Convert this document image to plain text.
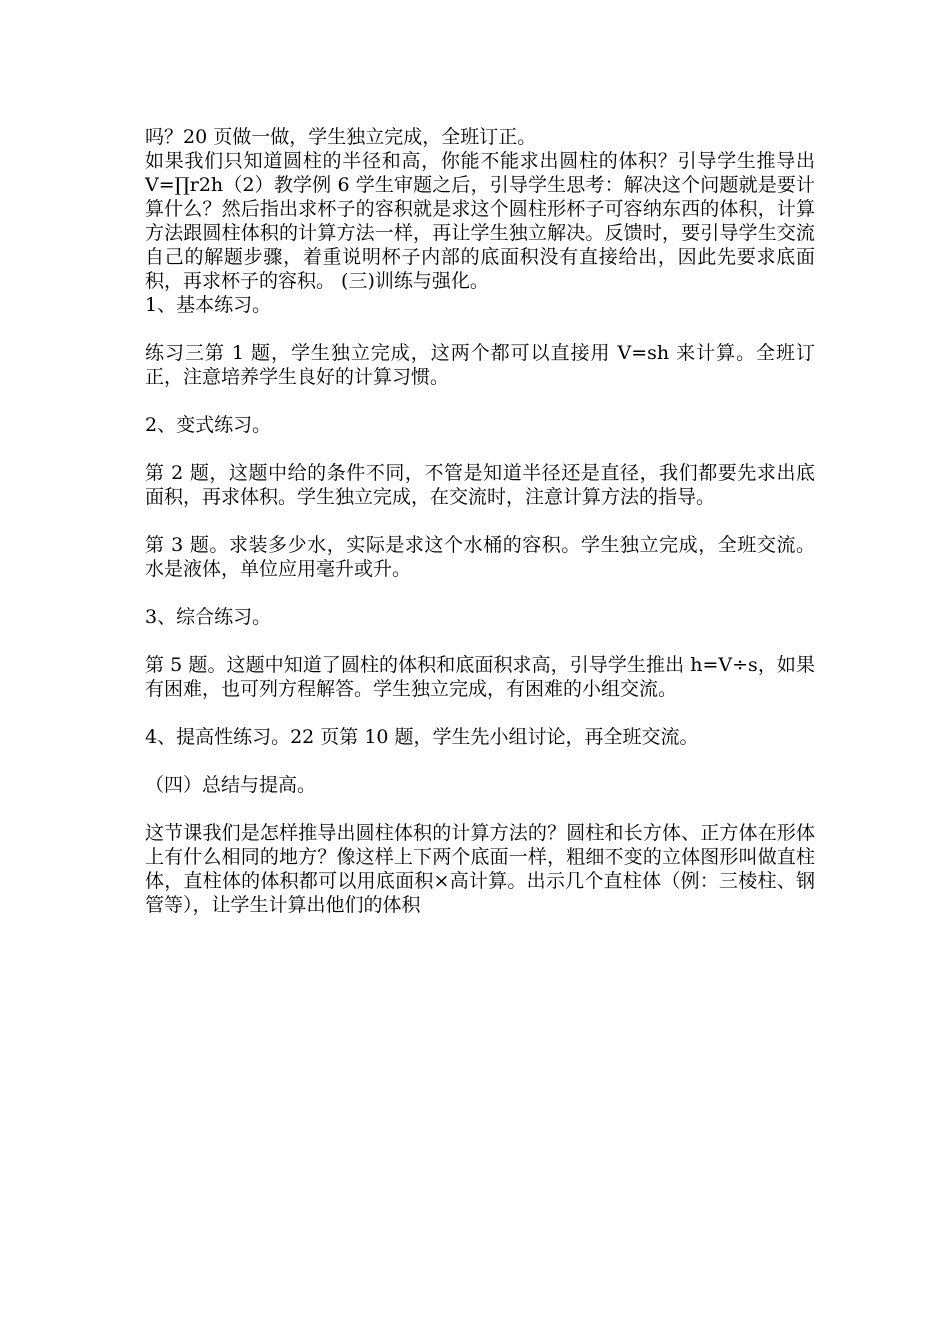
吗？20 页做一做，学生独立完成，全班订正。

如果我们只知道圆柱的半径和高，你能不能求出圆柱的体积？引导学生推导出 V=∏r2h（2）教学例 6 学生审题之后，引导学生思考：解决这个问题就是要计算什么？然后指出求杯子的容积就是求这个圆柱形杯子可容纳东西的体积，计算方法跟圆柱体积的计算方法一样，再让学生独立解决。反馈时，要引导学生交流自己的解题步骤，着重说明杯子内部的底面积没有直接给出，因此先要求底面积，再求杯子的容积。 (三)训练与强化。

1、基本练习。

练习三第 1 题，学生独立完成，这两个都可以直接用 V=sh 来计算。全班订正，注意培养学生良好的计算习惯。

2、变式练习。

第 2 题，这题中给的条件不同，不管是知道半径还是直径，我们都要先求出底面积，再求体积。学生独立完成，在交流时，注意计算方法的指导。

第 3 题。求装多少水，实际是求这个水桶的容积。学生独立完成，全班交流。水是液体，单位应用毫升或升。

3、综合练习。

第 5 题。这题中知道了圆柱的体积和底面积求高，引导学生推出 h=V÷s，如果有困难，也可列方程解答。学生独立完成，有困难的小组交流。

4、提高性练习。22 页第 10 题，学生先小组讨论，再全班交流。

（四）总结与提高。

这节课我们是怎样推导出圆柱体积的计算方法的？圆柱和长方体、正方体在形体上有什么相同的地方？像这样上下两个底面一样，粗细不变的立体图形叫做直柱体，直柱体的体积都可以用底面积×高计算。出示几个直柱体（例：三棱柱、钢管等），让学生计算出他们的体积
